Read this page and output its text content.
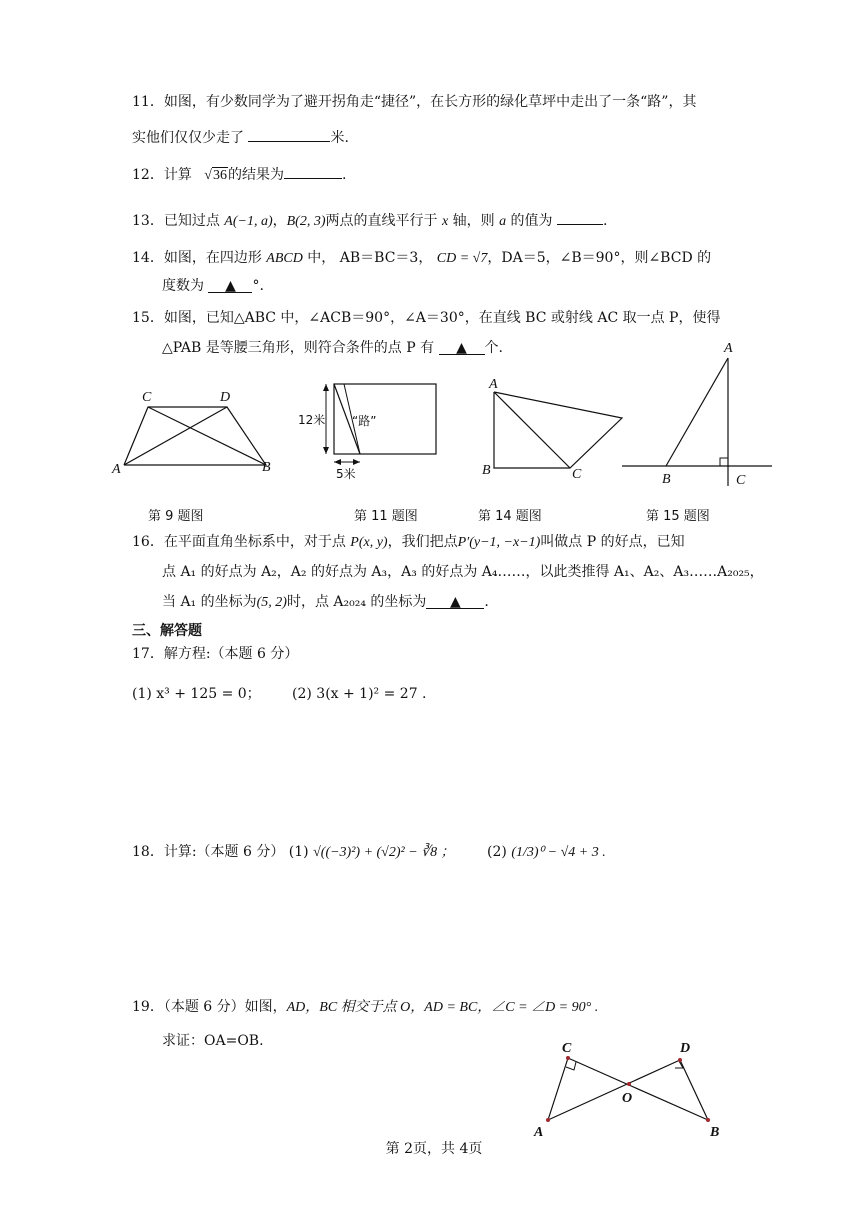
11．如图，有少数同学为了避开拐角走“捷径”，在长方形的绿化草坪中走出了一条“路”，其
实他们仅仅少走了	米.
12．计算 √36的结果为	.
13．已知过点 A(−1, a)，B(2, 3)两点的直线平行于 x 轴，则 a 的值为	.
14．如图，在四边形 ABCD 中， AB＝BC＝3， CD = √7，DA＝5，∠B＝90°，则∠BCD 的
度数为 ▲ °.
15．如图，已知△ABC 中，∠ACB＝90°，∠A＝30°，在直线 BC 或射线 AC 取一点 P，使得
△PAB 是等腰三角形，则符合条件的点 P 有 ▲ 个.
A	B
C	D
12米 “路”
5米
A
B	C
A
B	C
第 9 题图	第 11 题图	第 14 题图	第 15 题图
16．在平面直角坐标系中，对于点 P(x, y)，我们把点P′(y−1, −x−1)叫做点 P 的好点，已知
点 A₁ 的好点为 A₂，A₂ 的好点为 A₃，A₃ 的好点为 A₄……，以此类推得 A₁、A₂、A₃……A₂₀₂₅，
当 A₁ 的坐标为(5, 2)时，点 A₂₀₂₄ 的坐标为 ▲ .
三、解答题
17．解方程:（本题 6 分）
(1) x³ + 125 = 0； (2) 3(x + 1)² = 27 .
18．计算:（本题 6 分） (1) √((−3)²) + (√2)² − ∛8 ； (2) (1/3)⁰ − √4 + 3 .
19．（本题 6 分）如图，AD，BC 相交于点 O，AD = BC，∠C = ∠D = 90° .
求证：OA=OB.
A	B
C	D
O
第 2页，共 4页
